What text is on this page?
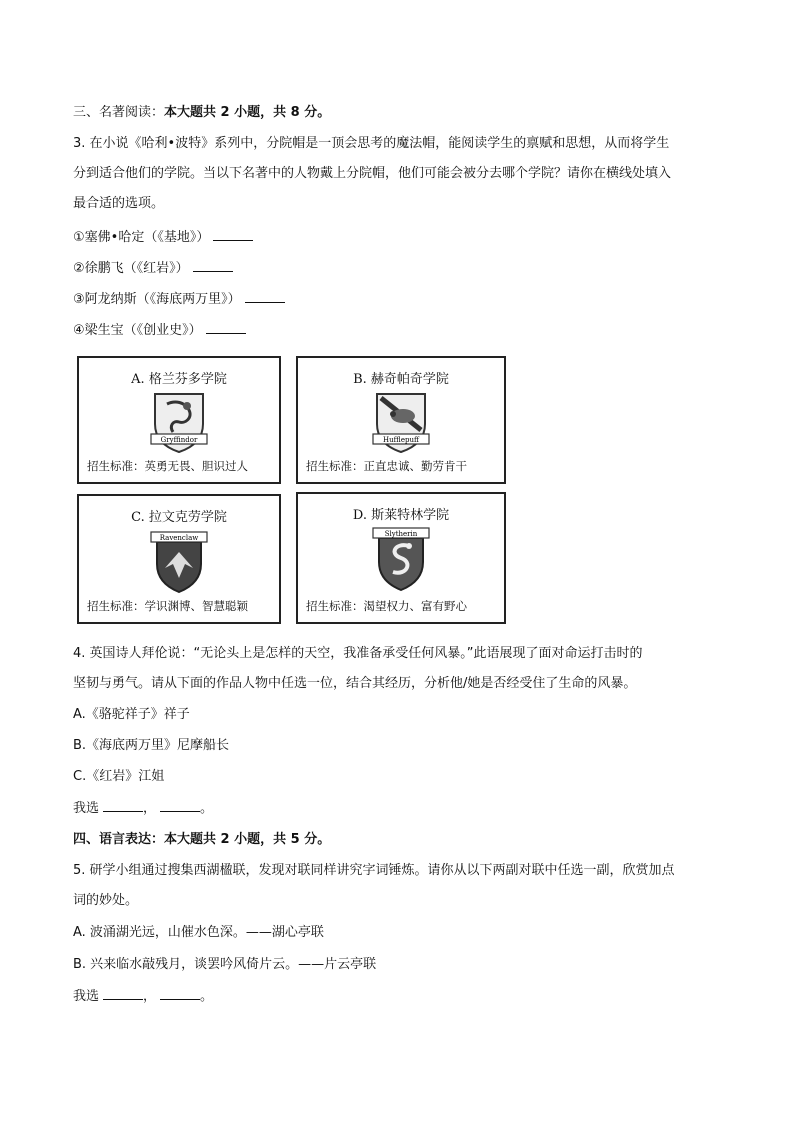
三、名著阅读：本大题共 2 小题，共 8 分。
3. 在小说《哈利•波特》系列中，分院帽是一顶会思考的魔法帽，能阅读学生的禀赋和思想，从而将学生
分到适合他们的学院。当以下名著中的人物戴上分院帽，他们可能会被分去哪个学院？请你在横线处填入
最合适的选项。
①塞佛•哈定（《基地》）
②徐鹏飞（《红岩》）
③阿龙纳斯（《海底两万里》）
④梁生宝（《创业史》）
A. 格兰芬多学院
Gryffindor
招生标准：英勇无畏、胆识过人
B. 赫奇帕奇学院
Hufflepuff
招生标准：正直忠诚、勤劳肯干
C. 拉文克劳学院
Ravenclaw
招生标准：学识渊博、智慧聪颖
D. 斯莱特林学院
Slytherin
招生标准：渴望权力、富有野心
4. 英国诗人拜伦说：“无论头上是怎样的天空，我准备承受任何风暴。”此语展现了面对命运打击时的
坚韧与勇气。请从下面的作品人物中任选一位，结合其经历，分析他/她是否经受住了生命的风暴。
A.《骆驼祥子》祥子
B.《海底两万里》尼摩船长
C.《红岩》江姐
我选	，	。
四、语言表达：本大题共 2 小题，共 5 分。
5. 研学小组通过搜集西湖楹联，发现对联同样讲究字词锤炼。请你从以下两副对联中任选一副，欣赏加点
词的妙处。
A. 波涌湖光远，山催水色深。——湖心亭联
B. 兴来临水敲残月，谈罢吟风倚片云。——片云亭联
我选	，	。
